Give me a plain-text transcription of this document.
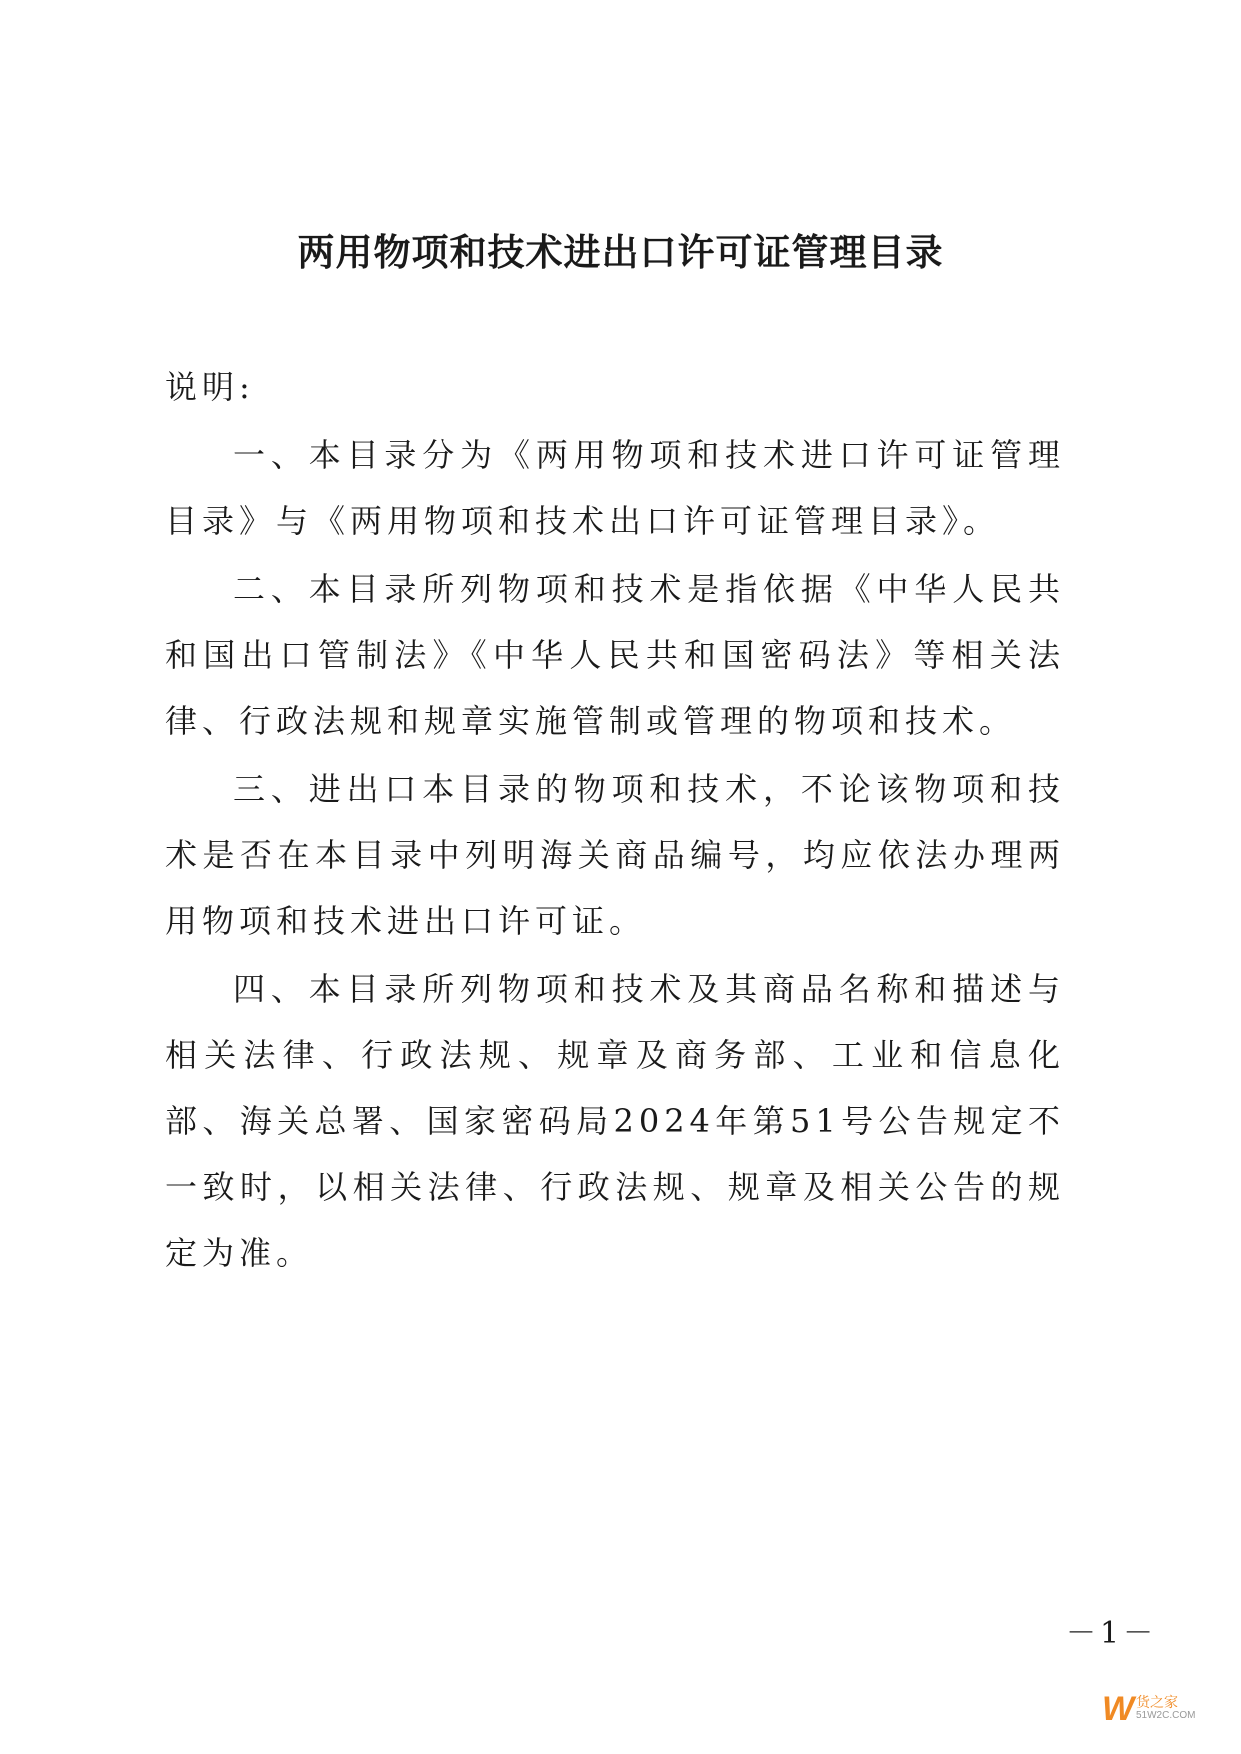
两用物项和技术进出口许可证管理目录

说明:

一、本目录分为《两用物项和技术进口许可证管理目录》与《两用物项和技术出口许可证管理目录》。

二、本目录所列物项和技术是指依据《中华人民共和国出口管制法》《中华人民共和国密码法》等相关法律、行政法规和规章实施管制或管理的物项和技术。

三、进出口本目录的物项和技术，不论该物项和技术是否在本目录中列明海关商品编号，均应依法办理两用物项和技术进出口许可证。

四、本目录所列物项和技术及其商品名称和描述与相关法律、行政法规、规章及商务部、工业和信息化部、海关总署、国家密码局2024年第51号公告规定不一致时，以相关法律、行政法规、规章及相关公告的规定为准。

－1－
W 货之家
51W2C.COM
